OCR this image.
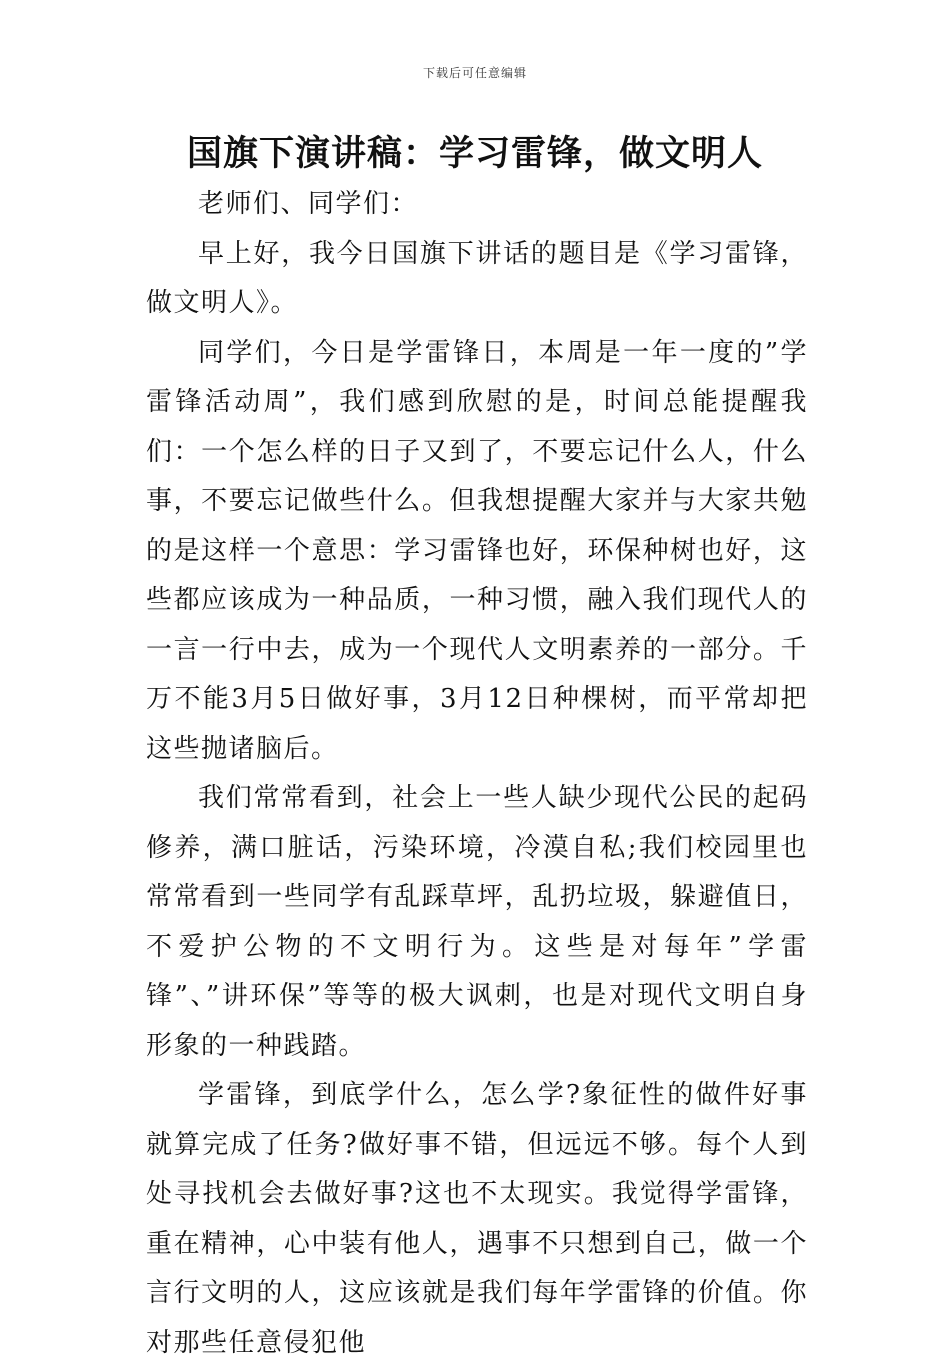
下载后可任意编辑
国旗下演讲稿：学习雷锋，做文明人

老师们、同学们：

早上好，我今日国旗下讲话的题目是《学习雷锋，做文明人》。

同学们，今日是学雷锋日，本周是一年一度的”学雷锋活动周”，我们感到欣慰的是，时间总能提醒我们：一个怎么样的日子又到了，不要忘记什么人，什么事，不要忘记做些什么。但我想提醒大家并与大家共勉的是这样一个意思：学习雷锋也好，环保种树也好，这些都应该成为一种品质，一种习惯，融入我们现代人的一言一行中去，成为一个现代人文明素养的一部分。千万不能3月5日做好事，3月12日种棵树，而平常却把这些抛诸脑后。

我们常常看到，社会上一些人缺少现代公民的起码修养，满口脏话，污染环境，冷漠自私;我们校园里也常常看到一些同学有乱踩草坪，乱扔垃圾，躲避值日，不爱护公物的不文明行为。这些是对每年”学雷锋”、”讲环保”等等的极大讽刺，也是对现代文明自身形象的一种践踏。

学雷锋，到底学什么，怎么学?象征性的做件好事就算完成了任务?做好事不错，但远远不够。每个人到处寻找机会去做好事?这也不太现实。我觉得学雷锋，重在精神，心中装有他人，遇事不只想到自己，做一个言行文明的人，这应该就是我们每年学雷锋的价值。你对那些任意侵犯他
